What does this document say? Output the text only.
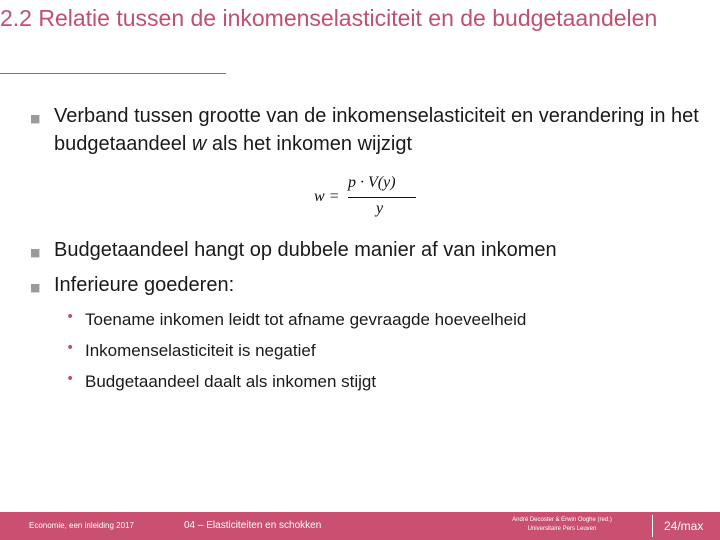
2.2 Relatie tussen de inkomenselasticiteit en de budgetaandelen
■ Verband tussen grootte van de inkomenselasticiteit en verandering in het budgetaandeel w als het inkomen wijzigt
w =
p · V(y)
y
■ Budgetaandeel hangt op dubbele manier af van inkomen
■ Inferieure goederen:
• Toename inkomen leidt tot afname gevraagde hoeveelheid
• Inkomenselasticiteit is negatief
• Budgetaandeel daalt als inkomen stijgt
Economie, een inleiding 2017	04 – Elasticiteiten en schokken	André Decoster & Erwin Ooghe (red.)
Universitaire Pers Leuven	24/max
